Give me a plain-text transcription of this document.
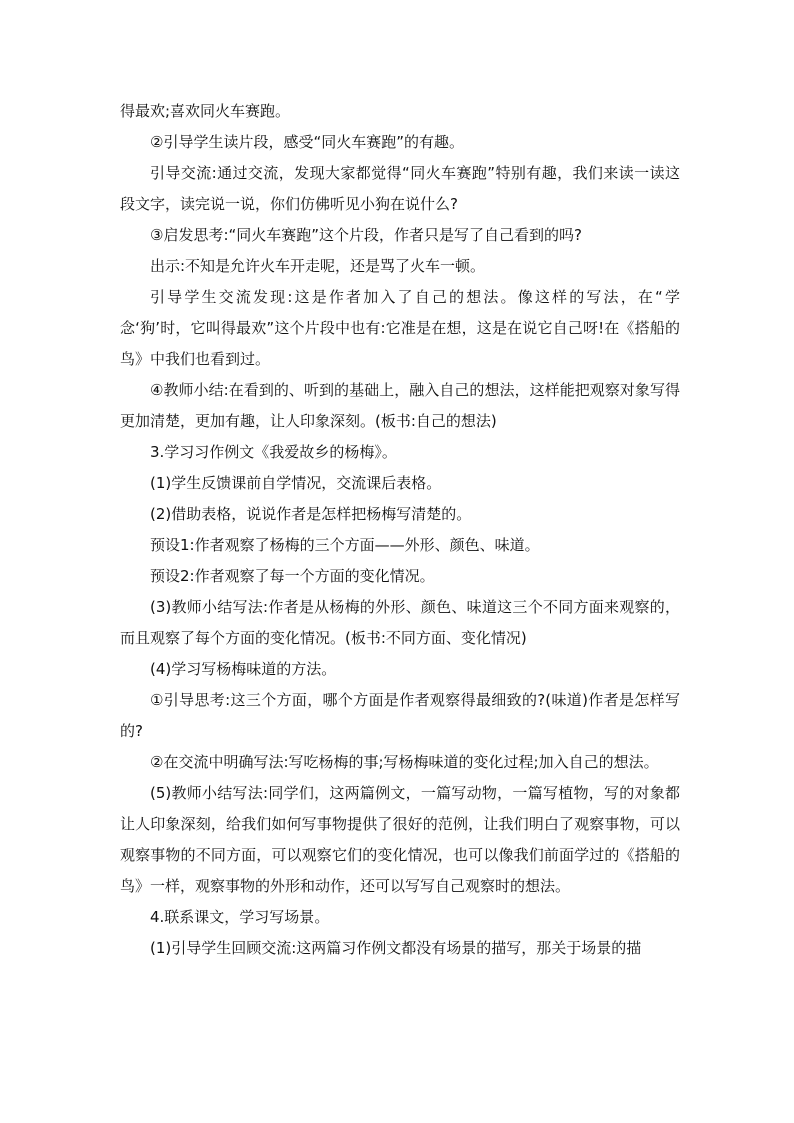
得最欢;喜欢同火车赛跑。

②引导学生读片段，感受“同火车赛跑”的有趣。

引导交流:通过交流，发现大家都觉得“同火车赛跑”特别有趣，我们来读一读这段文字，读完说一说，你们仿佛听见小狗在说什么?

③启发思考:“同火车赛跑”这个片段，作者只是写了自己看到的吗?

出示:不知是允许火车开走呢，还是骂了火车一顿。

引导学生交流发现:这是作者加入了自己的想法。像这样的写法，在“学念‘狗’时，它叫得最欢”这个片段中也有:它准是在想，这是在说它自己呀!在《搭船的鸟》中我们也看到过。

④教师小结:在看到的、听到的基础上，融入自己的想法，这样能把观察对象写得更加清楚，更加有趣，让人印象深刻。(板书:自己的想法)

3.学习习作例文《我爱故乡的杨梅》。

(1)学生反馈课前自学情况，交流课后表格。

(2)借助表格，说说作者是怎样把杨梅写清楚的。

预设1:作者观察了杨梅的三个方面——外形、颜色、味道。

预设2:作者观察了每一个方面的变化情况。

(3)教师小结写法:作者是从杨梅的外形、颜色、味道这三个不同方面来观察的，而且观察了每个方面的变化情况。(板书:不同方面、变化情况)

(4)学习写杨梅味道的方法。

①引导思考:这三个方面，哪个方面是作者观察得最细致的?(味道)作者是怎样写的?

②在交流中明确写法:写吃杨梅的事;写杨梅味道的变化过程;加入自己的想法。

(5)教师小结写法:同学们，这两篇例文，一篇写动物，一篇写植物，写的对象都让人印象深刻，给我们如何写事物提供了很好的范例，让我们明白了观察事物，可以观察事物的不同方面，可以观察它们的变化情况，也可以像我们前面学过的《搭船的鸟》一样，观察事物的外形和动作，还可以写写自己观察时的想法。

4.联系课文，学习写场景。

(1)引导学生回顾交流:这两篇习作例文都没有场景的描写，那关于场景的描
